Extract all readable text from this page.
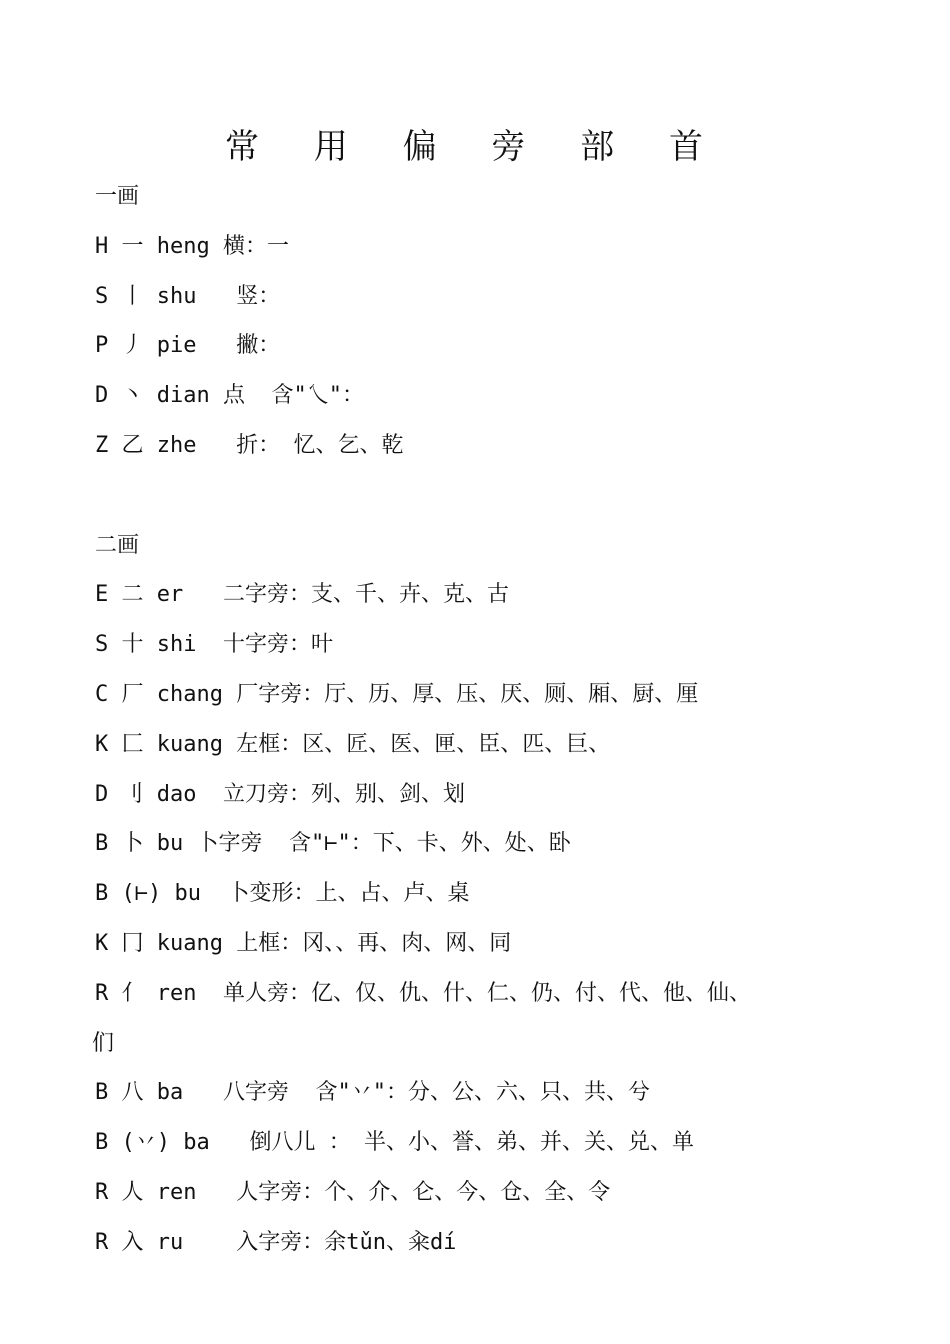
常 用 偏 旁 部 首
一画
H 一 heng 横：一
S 丨 shu   竖：
P 丿 pie   撇：
D 丶 dian 点  含"乀"：
Z 乙 zhe   折： 忆、乞、乾
二画
E 二 er   二字旁：支、千、卉、克、古
S 十 shi  十字旁：叶
C 厂 chang 厂字旁：厅、历、厚、压、厌、厕、厢、厨、厘
K 匚 kuang 左框：区、匠、医、匣、臣、匹、巨、
D 刂 dao  立刀旁：列、别、剑、划
B 卜 bu 卜字旁  含"⊢"：下、卡、外、处、卧
B (⊢) bu  卜变形：上、占、卢、桌
K 冂 kuang 上框：冈、、再、肉、网、同
R 亻 ren  单人旁：亿、仅、仇、什、仁、仍、付、代、他、仙、
们
B 八 ba   八字旁  含"丷"：分、公、六、只、共、兮
B (丷) ba   倒八儿 ： 半、小、誉、弟、并、关、兑、单
R 人 ren   人字旁：个、介、仑、今、仓、全、令
R 入 ru    入字旁：余tǔn、籴dí
